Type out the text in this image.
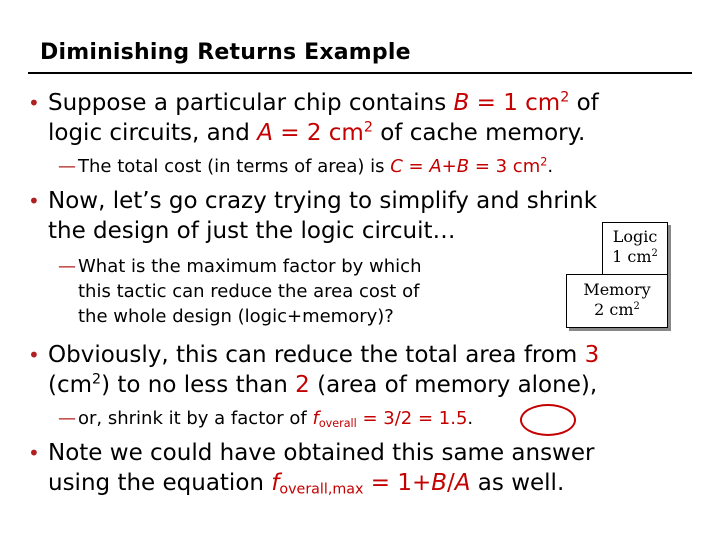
Diminishing Returns Example
• Suppose a particular chip contains B = 1 $cm^2$ of
logic circuits, and A = 2 $cm^2$ of cache memory.
— The total cost (in terms of area) is C = A+B = 3 $cm^2$.
• Now, let’s go crazy trying to simplify and shrink
the design of just the logic circuit…
— What is the maximum factor by which
this tactic can reduce the area cost of
the whole design (logic+memory)?
Logic
1 $cm^2$
Memory
2 $cm^2$
• Obviously, this can reduce the total area from 3
$(cm^2)$ to no less than 2 (area of memory alone),
— or, shrink it by a factor of $f_{overall} = 3/2 = 1.5$.
• Note we could have obtained this same answer
using the equation $f_{overall,max} = 1+B/A$ as well.
